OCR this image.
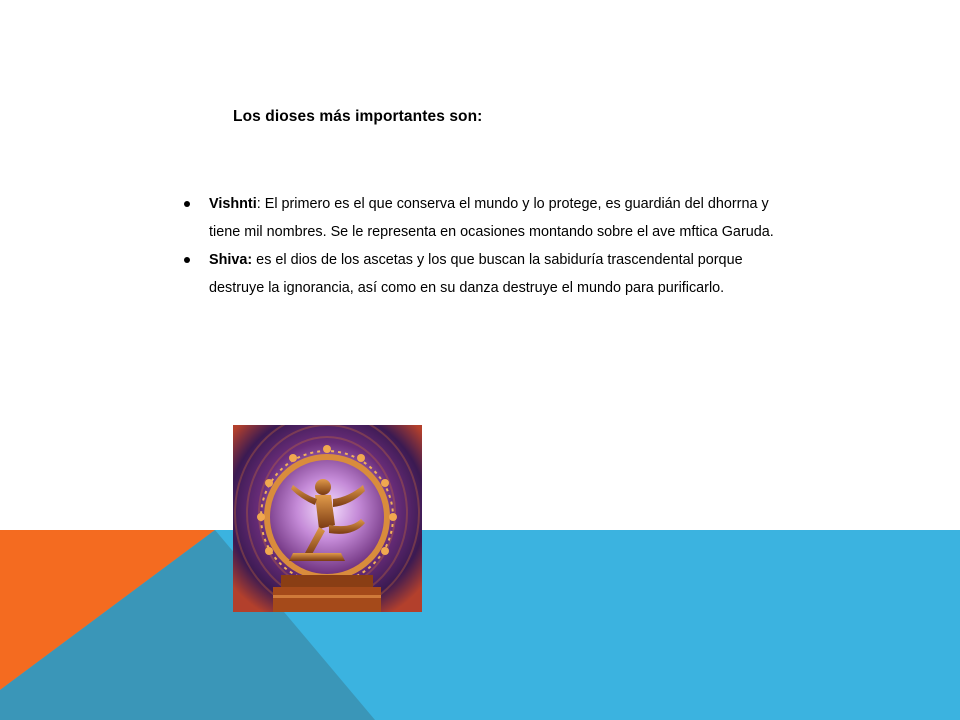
Los dioses más importantes son:
Vishnti: El primero es el que conserva el mundo y lo protege, es guardián del dhorrna y tiene mil nombres. Se le representa en ocasiones montando sobre el ave mftica Garuda.
Shiva: es el dios de los ascetas y los que buscan la sabiduría trascendental porque destruye la ignorancia, así como en su danza destruye el mundo para purificarlo.
